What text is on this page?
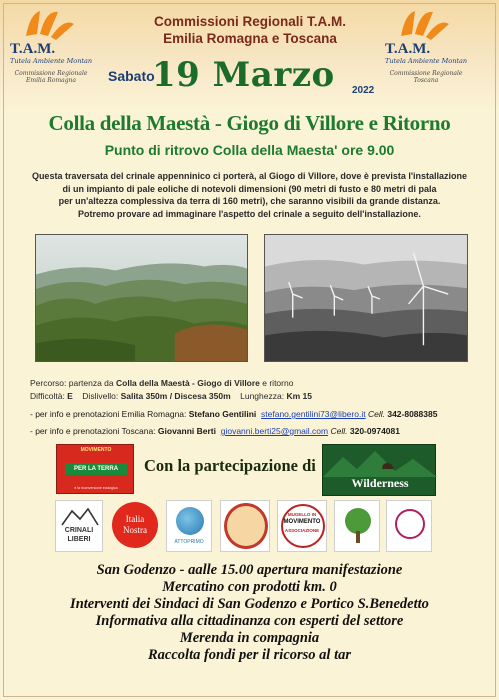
T.A.M.
Tutela Ambiente Montano
Commissione Regionale Emilia Romagna
T.A.M.
Tutela Ambiente Montano
Commissione Regionale Toscana
Commissioni Regionali T.A.M.
Emilia Romagna e Toscana
Sabato
19 Marzo 2022
Colla della Maestà - Giogo di Villore e Ritorno
Punto di ritrovo Colla della Maesta' ore 9.00
Questa traversata del crinale appenninico ci porterà, al Giogo di Villore, dove è prevista l'installazione
di un impianto di pale eoliche di notevoli dimensioni (90 metri di fusto e 80 metri di pala
per un'altezza complessiva da terra di 160 metri), che saranno visibili da grande distanza.
Potremo provare ad immaginare l'aspetto del crinale a seguito dell'installazione.
Percorso: partenza da Colla della Maestà - Giogo di Villore e ritorno
Difficoltà: E Dislivello: Salita 350m / Discesa 350m Lunghezza: Km 15
- per info e prenotazioni Emilia Romagna: Stefano Gentilini stefano.gentilini73@libero.it Cell. 342-8088385
- per info e prenotazioni Toscana: Giovanni Berti giovanni.berti25@gmail.com Cell. 320-0974081
MOVIMENTO
PER LA TERRA
e la riconversione ecologica
Con la partecipazione di
Wilderness
CRINALI
LIBERI
Italia
Nostra
ATTOPRIMO
MUGELLO IN
MOVIMENTO
ASSOCIAZIONE
San Godenzo - aalle 15.00 apertura manifestazione
Mercatino con prodotti km. 0
Interventi dei Sindaci di San Godenzo e Portico S.Benedetto
Informativa alla cittadinanza con esperti del settore
Merenda in compagnia
Raccolta fondi per il ricorso al tar
